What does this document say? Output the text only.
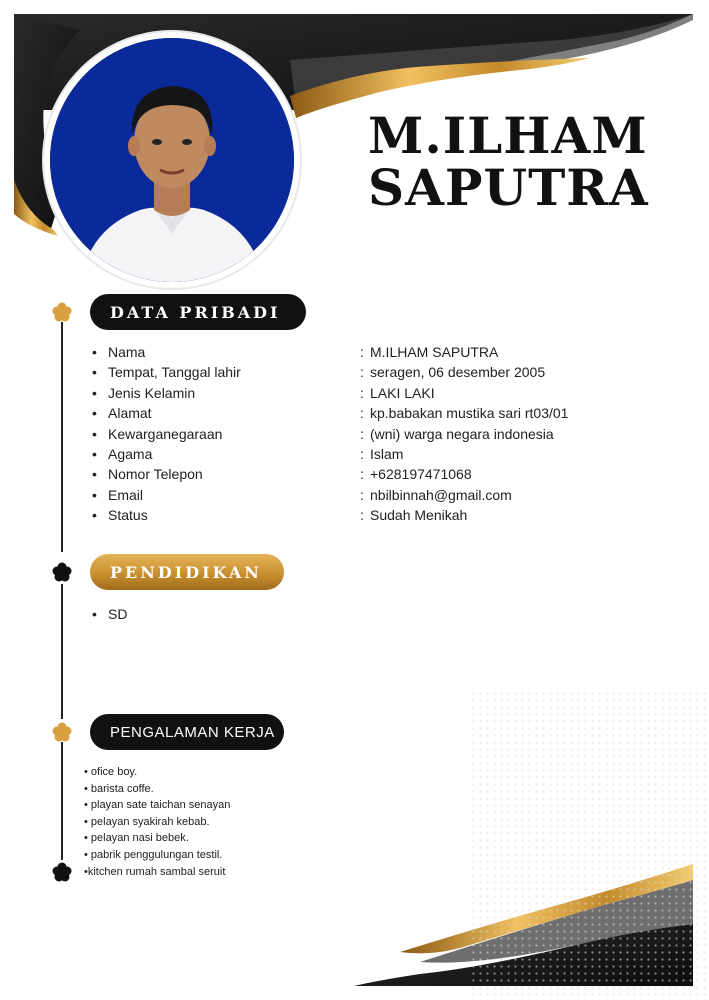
M.ILHAM
SAPUTRA
DATA PRIBADI
• Nama	: M.ILHAM SAPUTRA
• Tempat, Tanggal lahir	: seragen, 06 desember 2005
• Jenis Kelamin	: LAKI LAKI
• Alamat	: kp.babakan mustika sari rt03/01
• Kewarganegaraan	: (wni) warga negara indonesia
• Agama	: Islam
• Nomor Telepon	: +628197471068
• Email	: nbilbinnah@gmail.com
• Status	: Sudah Menikah
PENDIDIKAN
• SD
PENGALAMAN KERJA
• ofice boy.
• barista coffe.
• playan sate taichan senayan
• pelayan syakirah kebab.
• pelayan nasi bebek.
• pabrik penggulungan testil.
•kitchen rumah sambal seruit
